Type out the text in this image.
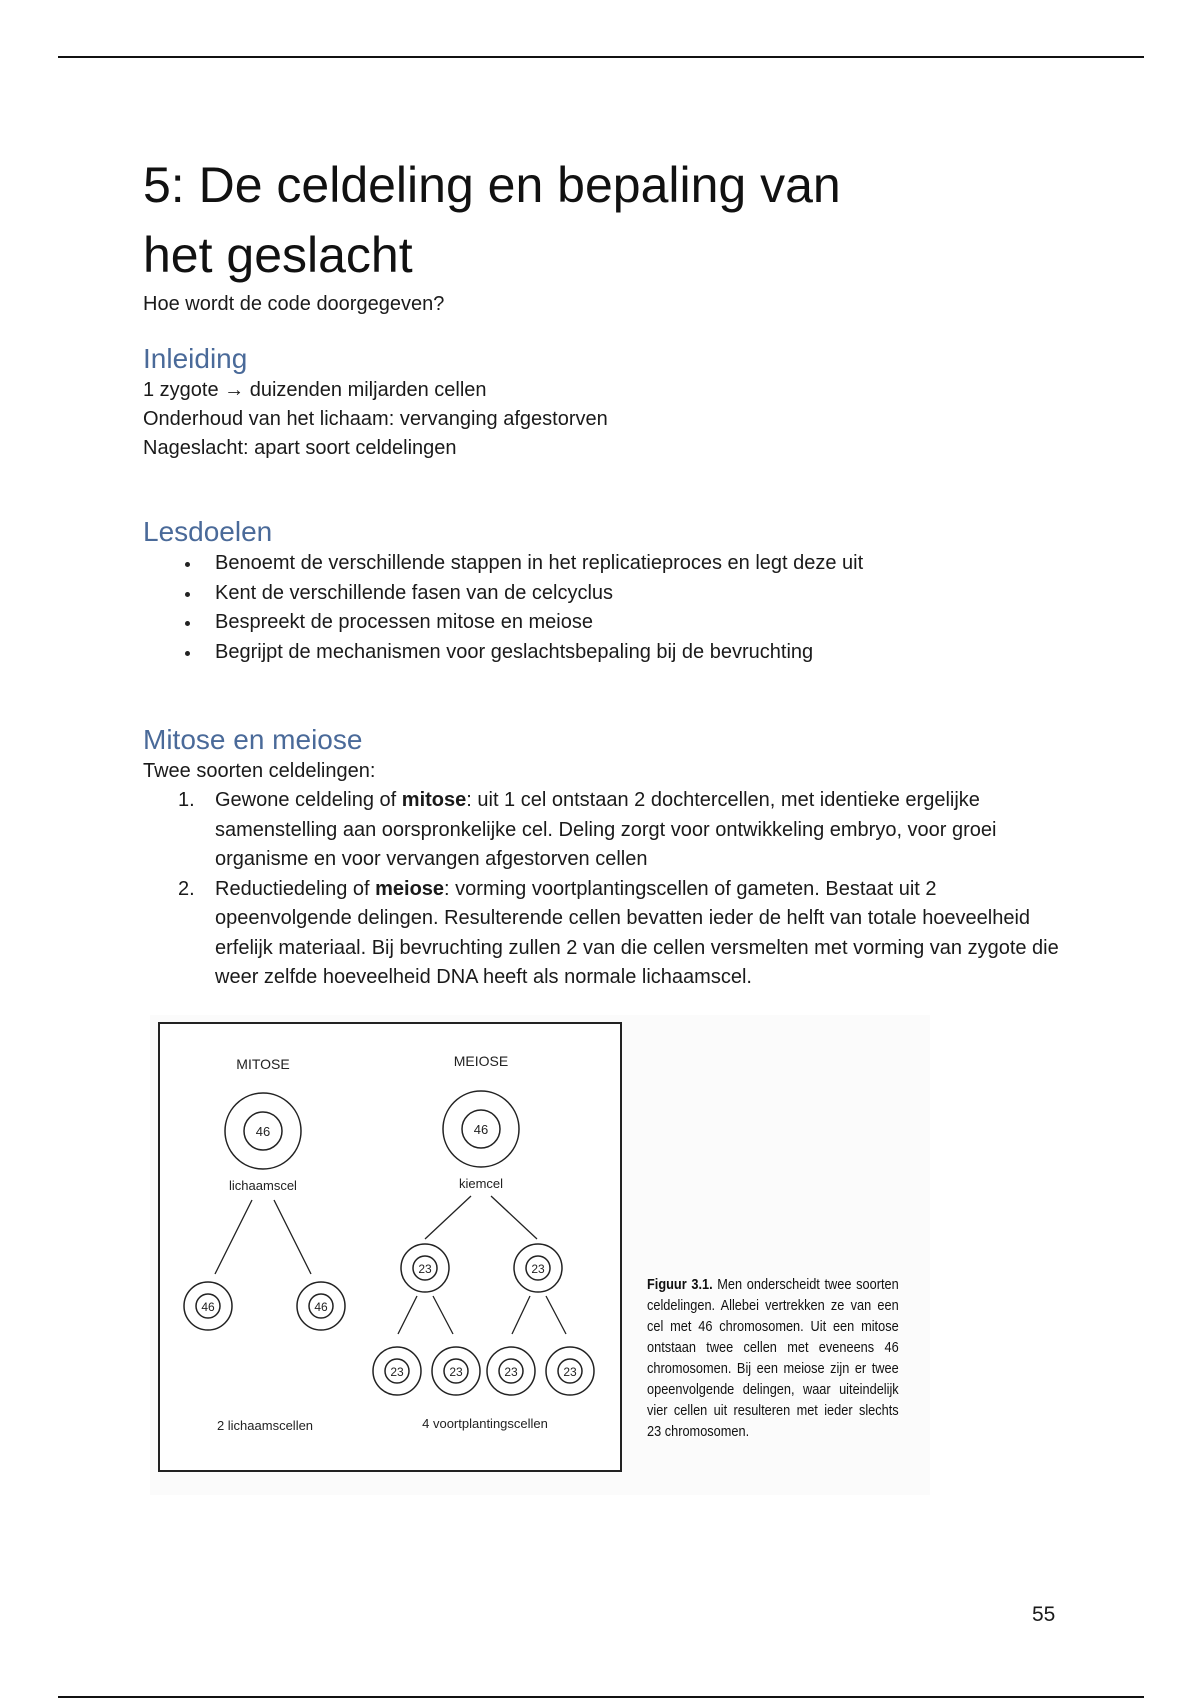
5: De celdeling en bepaling van het geslacht
Hoe wordt de code doorgegeven?
Inleiding

1 zygote → duizenden miljarden cellen

Onderhoud van het lichaam: vervanging afgestorven

Nageslacht: apart soort celdelingen

Lesdoelen
Benoemt de verschillende stappen in het replicatieproces en legt deze uit
Kent de verschillende fasen van de celcyclus
Bespreekt de processen mitose en meiose
Begrijpt de mechanismen voor geslachtsbepaling bij de bevruchting
Mitose en meiose

Twee soorten celdelingen:

1. Gewone celdeling of mitose: uit 1 cel ontstaan 2 dochtercellen, met identieke ergelijke samenstelling aan oorspronkelijke cel. Deling zorgt voor ontwikkeling embryo, voor groei organisme en voor vervangen afgestorven cellen
2. Reductiedeling of meiose: vorming voortplantingscellen of gameten. Bestaat uit 2 opeenvolgende delingen. Resulterende cellen bevatten ieder de helft van totale hoeveelheid erfelijk materiaal. Bij bevruchting zullen 2 van die cellen versmelten met vorming van zygote die weer zelfde hoeveelheid DNA heeft als normale lichaamscel.
MITOSE	MEIOSE
46
lichaamscel
46
kiemcel
46	46
23	23
23	23	23	23
2 lichaamscellen	4 voortplantingscellen
Figuur 3.1. Men onderscheidt twee soorten celdelingen. Allebei vertrekken ze van een cel met 46 chromosomen. Uit een mitose ontstaan twee cellen met eveneens 46 chromosomen. Bij een meiose zijn er twee opeenvolgende delingen, waar uiteindelijk vier cellen uit resulteren met ieder slechts 23 chromosomen.
55
